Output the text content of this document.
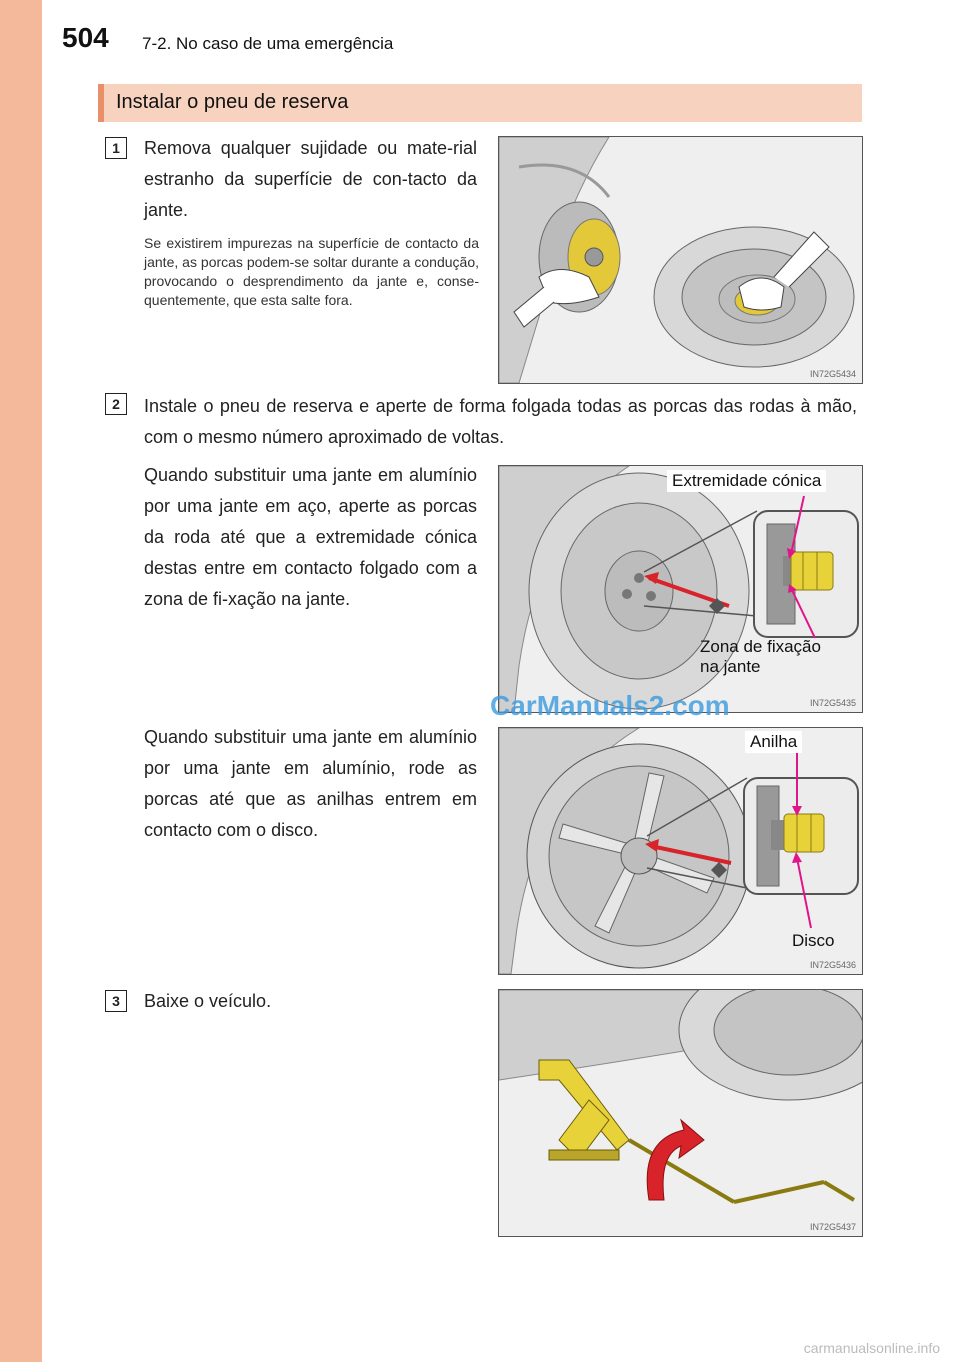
504 7-2. No caso de uma emergência
Instalar o pneu de reserva
1	Remova qualquer sujidade ou mate-rial estranho da superfície de con-tacto da jante.
Se existirem impurezas na superfície de contacto da jante, as porcas podem-se soltar durante a condução, provocando o desprendimento da jante e, conse-quentemente, que esta salte fora.
IN72G5434
2	Instale o pneu de reserva e aperte de forma folgada todas as porcas das rodas à mão, com o mesmo número aproximado de voltas.
Quando substituir uma jante em alumínio por uma jante em aço, aperte as porcas da roda até que a extremidade cónica destas entre em contacto folgado com a zona de fi-xação na jante.
Quando substituir uma jante em alumínio por uma jante em alumínio, rode as porcas até que as anilhas entrem em contacto com o disco.
Extremidade cónica
Zona de fixação
na jante
IN72G5435
Anilha
Disco
IN72G5436
3	Baixe o veículo.
IN72G5437
CarManuals2.com
carmanualsonline.info
